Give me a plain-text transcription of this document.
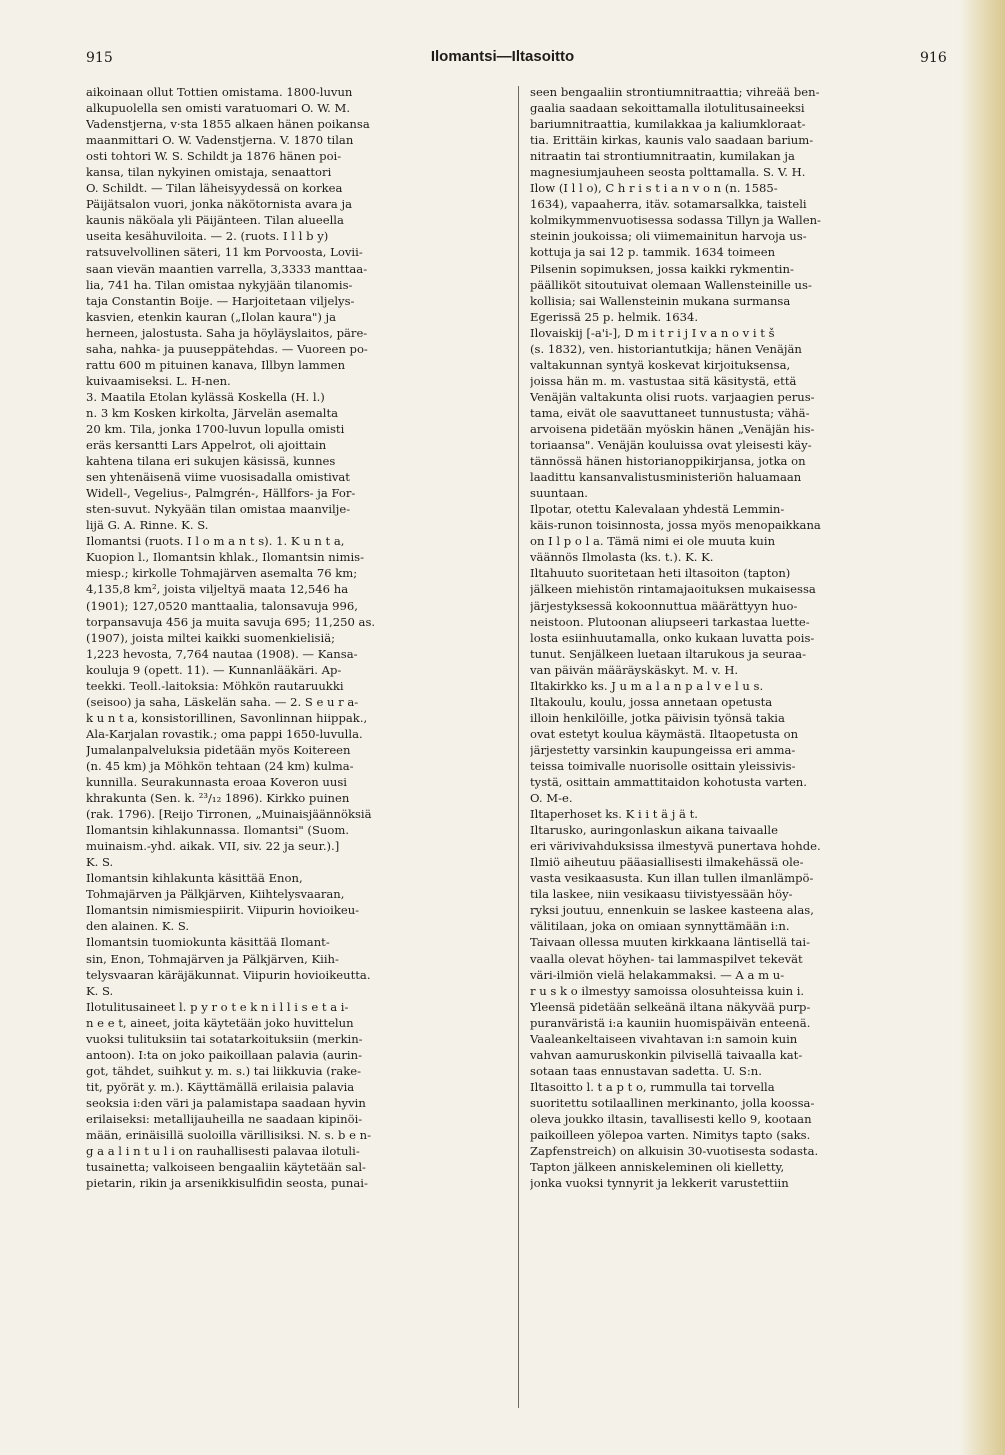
915	Ilomantsi—Iltasoitto	916
aikoinaan ollut Tottien omistama. 1800-luvun
alkupuolella sen omisti varatuomari O. W. M.
Vadenstjerna, v·sta 1855 alkaen hänen poikansa
maanmittari O. W. Vadenstjerna. V. 1870 tilan
osti tohtori W. S. Schildt ja 1876 hänen poi-
kansa, tilan nykyinen omistaja, senaattori
O. Schildt. — Tilan läheisyydessä on korkea
Päijätsalon vuori, jonka näkötornista avara ja
kaunis näköala yli Päijänteen. Tilan alueella
useita kesähuviloita. — 2. (ruots. I l l b y)
ratsuvelvollinen säteri, 11 km Porvoosta, Lovii-
saan vievän maantien varrella, 3,3333 manttaa-
lia, 741 ha. Tilan omistaa nykyjään tilanomis-
taja Constantin Boije. — Harjoitetaan viljelys-
kasvien, etenkin kauran („Ilolan kaura") ja
herneen, jalostusta. Saha ja höyläyslaitos, päre-
saha, nahka- ja puuseppätehdas. — Vuoreen po-
rattu 600 m pituinen kanava, Illbyn lammen
kuivaamiseksi. L. H-nen.
3. Maatila Etolan kylässä Koskella (H. l.)
n. 3 km Kosken kirkolta, Järvelän asemalta
20 km. Tila, jonka 1700-luvun lopulla omisti
eräs kersantti Lars Appelrot, oli ajoittain
kahtena tilana eri sukujen käsissä, kunnes
sen yhtenäisenä viime vuosisadalla omistivat
Widell-, Vegelius-, Palmgrén-, Hällfors- ja For-
sten-suvut. Nykyään tilan omistaa maanvilje-
lijä G. A. Rinne. K. S.
Ilomantsi (ruots. I l o m a n t s). 1. K u n t a,
Kuopion l., Ilomantsin khlak., Ilomantsin nimis-
miesp.; kirkolle Tohmajärven asemalta 76 km;
4,135,8 km², joista viljeltyä maata 12,546 ha
(1901); 127,0520 manttaalia, talonsavuja 996,
torpansavuja 456 ja muita savuja 695; 11,250 as.
(1907), joista miltei kaikki suomenkielisiä;
1,223 hevosta, 7,764 nautaa (1908). — Kansa-
kouluja 9 (opett. 11). — Kunnanlääkäri. Ap-
teekki. Teoll.-laitoksia: Möhkön rautaruukki
(seisoo) ja saha, Läskelän saha. — 2. S e u r a-
k u n t a, konsistorillinen, Savonlinnan hiippak.,
Ala-Karjalan rovastik.; oma pappi 1650-luvulla.
Jumalanpalveluksia pidetään myös Koitereen
(n. 45 km) ja Möhkön tehtaan (24 km) kulma-
kunnilla. Seurakunnasta eroaa Koveron uusi
khrakunta (Sen. k. ²³/₁₂ 1896). Kirkko puinen
(rak. 1796). [Reijo Tirronen, „Muinaisjäännöksiä
Ilomantsin kihlakunnassa. Ilomantsi" (Suom.
muinaism.-yhd. aikak. VII, siv. 22 ja seur.).]
K. S.
Ilomantsin kihlakunta käsittää Enon,
Tohmajärven ja Pälkjärven, Kiihtelysvaaran,
Ilomantsin nimismiespiirit. Viipurin hovioikeu-
den alainen. K. S.
Ilomantsin tuomiokunta käsittää Ilomant-
sin, Enon, Tohmajärven ja Pälkjärven, Kiih-
telysvaaran käräjäkunnat. Viipurin hovioikeutta.
K. S.
Ilotulitusaineet l. p y r o t e k n i l l i s e t a i-
n e e t, aineet, joita käytetään joko huvittelun
vuoksi tulituksiin tai sotatarkoituksiin (merkin-
antoon). I:ta on joko paikoillaan palavia (aurin-
got, tähdet, suihkut y. m. s.) tai liikkuvia (rake-
tit, pyörät y. m.). Käyttämällä erilaisia palavia
seoksia i:den väri ja palamistapa saadaan hyvin
erilaiseksi: metallijauheilla ne saadaan kipinöi-
mään, erinäisillä suoloilla värillisiksi. N. s. b e n-
g a a l i n t u l i on rauhallisesti palavaa ilotuli-
tusainetta; valkoiseen bengaaliin käytetään sal-
pietarin, rikin ja arsenikkisulfidin seosta, punai-
seen bengaaliin strontiumnitraattia; vihreää ben-
gaalia saadaan sekoittamalla ilotulitusaineeksi
bariumnitraattia, kumilakkaa ja kaliumkloraat-
tia. Erittäin kirkas, kaunis valo saadaan barium-
nitraatin tai strontiumnitraatin, kumilakan ja
magnesiumjauheen seosta polttamalla. S. V. H.
Ilow (I l l o), C h r i s t i a n v o n (n. 1585-
1634), vapaaherra, itäv. sotamarsalkka, taisteli
kolmikymmenvuotisessa sodassa Tillyn ja Wallen-
steinin joukoissa; oli viimemainitun harvoja us-
kottuja ja sai 12 p. tammik. 1634 toimeen
Pilsenin sopimuksen, jossa kaikki rykmentin-
päälliköt sitoutuivat olemaan Wallensteinille us-
kollisia; sai Wallensteinin mukana surmansa
Egerissä 25 p. helmik. 1634.
Ilovaiskij [-a'i-], D m i t r i j I v a n o v i t š
(s. 1832), ven. historiantutkija; hänen Venäjän
valtakunnan syntyä koskevat kirjoituksensa,
joissa hän m. m. vastustaa sitä käsitystä, että
Venäjän valtakunta olisi ruots. varjaagien perus-
tama, eivät ole saavuttaneet tunnustusta; vähä-
arvoisena pidetään myöskin hänen „Venäjän his-
toriaansa". Venäjän kouluissa ovat yleisesti käy-
tännössä hänen historianoppikirjansa, jotka on
laadittu kansanvalistusministeriön haluamaan
suuntaan.
Ilpotar, otettu Kalevalaan yhdestä Lemmin-
käis-runon toisinnosta, jossa myös menopaikkana
on I l p o l a. Tämä nimi ei ole muuta kuin
väännös Ilmolasta (ks. t.). K. K.
Iltahuuto suoritetaan heti iltasoiton (tapton)
jälkeen miehistön rintamajaoituksen mukaisessa
järjestyksessä kokoonnuttua määrättyyn huo-
neistoon. Plutoonan aliupseeri tarkastaa luette-
losta esiinhuutamalla, onko kukaan luvatta pois-
tunut. Senjälkeen luetaan iltarukous ja seuraa-
van päivän määräyskäskyt. M. v. H.
Iltakirkko ks. J u m a l a n p a l v e l u s.
Iltakoulu, koulu, jossa annetaan opetusta
illoin henkilöille, jotka päivisin työnsä takia
ovat estetyt koulua käymästä. Iltaopetusta on
järjestetty varsinkin kaupungeissa eri amma-
teissa toimivalle nuorisolle osittain yleissivis-
tystä, osittain ammattitaidon kohotusta varten.
O. M-e.
Iltaperhoset ks. K i i t ä j ä t.
Iltarusko, auringonlaskun aikana taivaalle
eri värivivahduksissa ilmestyvä punertava hohde.
Ilmiö aiheutuu pääasiallisesti ilmakehässä ole-
vasta vesikaasusta. Kun illan tullen ilmanlämpö-
tila laskee, niin vesikaasu tiivistyessään höy-
ryksi joutuu, ennenkuin se laskee kasteena alas,
välitilaan, joka on omiaan synnyttämään i:n.
Taivaan ollessa muuten kirkkaana läntisellä tai-
vaalla olevat höyhen- tai lammaspilvet tekevät
väri-ilmiön vielä helakammaksi. — A a m u-
r u s k o ilmestyy samoissa olosuhteissa kuin i.
Yleensä pidetään selkeänä iltana näkyvää purp-
puranväristä i:a kauniin huomispäivän enteenä.
Vaaleankeltaiseen vivahtavan i:n samoin kuin
vahvan aamuruskonkin pilvisellä taivaalla kat-
sotaan taas ennustavan sadetta. U. S:n.
Iltasoitto l. t a p t o, rummulla tai torvella
suoritettu sotilaallinen merkinanto, jolla koossa-
oleva joukko iltasin, tavallisesti kello 9, kootaan
paikoilleen yölepoa varten. Nimitys tapto (saks.
Zapfenstreich) on alkuisin 30-vuotisesta sodasta.
Tapton jälkeen anniskeleminen oli kielletty,
jonka vuoksi tynnyrit ja lekkerit varustettiin
